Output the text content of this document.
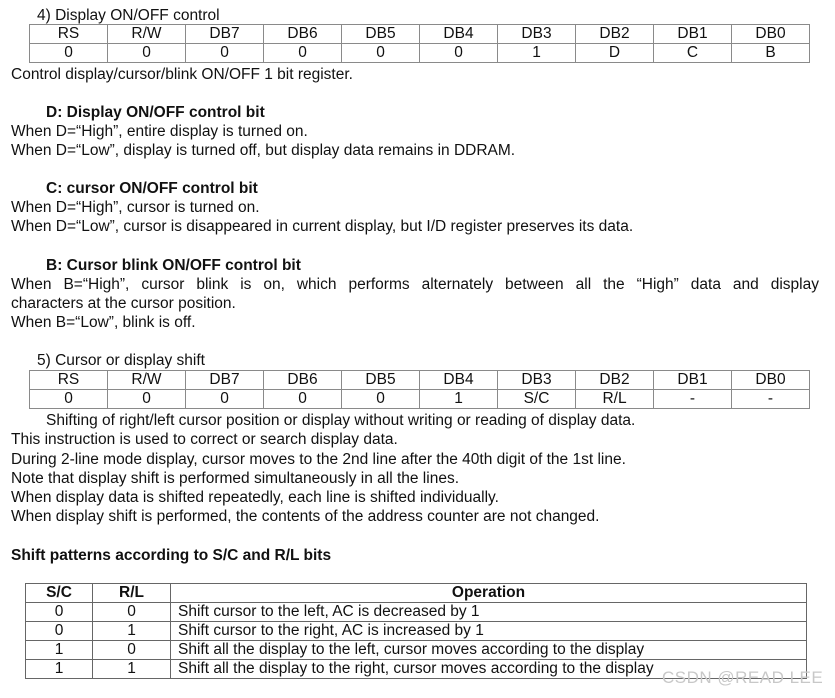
4) Display ON/OFF control
RS	R/W	DB7	DB6	DB5	DB4	DB3	DB2	DB1	DB0
0	0	0	0	0	0	1	D	C	B
Control display/cursor/blink ON/OFF 1 bit register.
D: Display ON/OFF control bit
When D=“High”, entire display is turned on.
When D=“Low”, display is turned off, but display data remains in DDRAM.
C: cursor ON/OFF control bit
When D=“High”, cursor is turned on.
When D=“Low”, cursor is disappeared in current display, but I/D register preserves its data.
B: Cursor blink ON/OFF control bit
When B=“High”, cursor blink is on, which performs alternately between all the “High” data and display
characters at the cursor position.
When B=“Low”, blink is off.
5) Cursor or display shift
RS	R/W	DB7	DB6	DB5	DB4	DB3	DB2	DB1	DB0
0	0	0	0	0	1	S/C	R/L	-	-
Shifting of right/left cursor position or display without writing or reading of display data.
This instruction is used to correct or search display data.
During 2-line mode display, cursor moves to the 2nd line after the 40th digit of the 1st line.
Note that display shift is performed simultaneously in all the lines.
When display data is shifted repeatedly, each line is shifted individually.
When display shift is performed, the contents of the address counter are not changed.
Shift patterns according to S/C and R/L bits
S/C	R/L	Operation
0	0	Shift cursor to the left, AC is decreased by 1
0	1	Shift cursor to the right, AC is increased by 1
1	0	Shift all the display to the left, cursor moves according to the display
1	1	Shift all the display to the right, cursor moves according to the display CSDN @READ LEE
